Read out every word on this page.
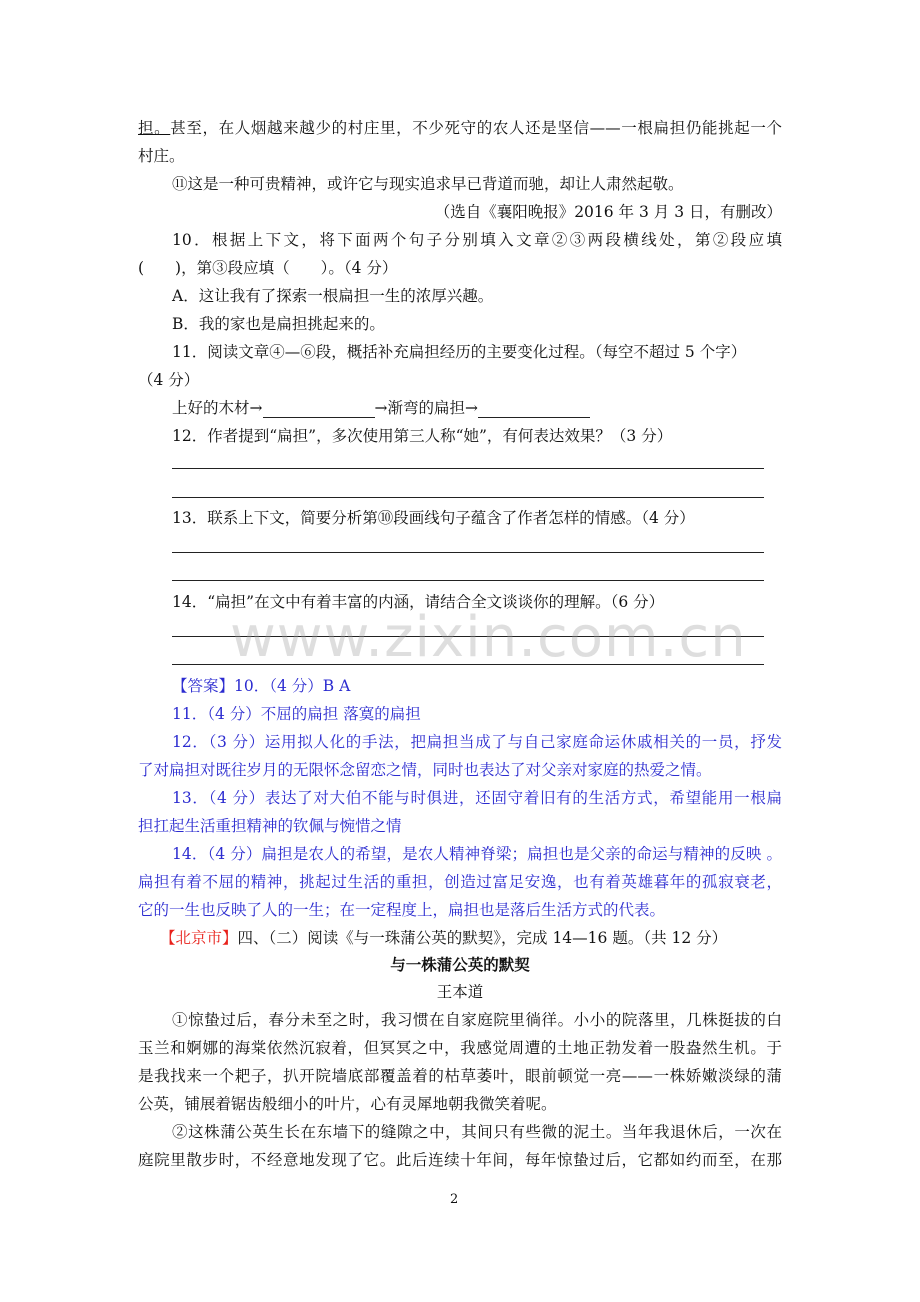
担。甚至，在人烟越来越少的村庄里，不少死守的农人还是坚信——一根扁担仍能挑起一个
村庄。
⑪这是一种可贵精神，或许它与现实追求早已背道而驰，却让人肃然起敬。
（选自《襄阳晚报》2016 年 3 月 3 日，有删改）
10．根据上下文，将下面两个句子分别填入文章②③两段横线处，第②段应填
(　　)，第③段应填（　　）。（4 分）
A．这让我有了探索一根扁担一生的浓厚兴趣。
B．我的家也是扁担挑起来的。
11．阅读文章④—⑥段，概括补充扁担经历的主要变化过程。（每空不超过 5 个字）
（4 分）
上好的木材→	→渐弯的扁担→
12．作者提到“扁担”，多次使用第三人称“她”，有何表达效果？（3 分）
13．联系上下文，简要分析第⑩段画线句子蕴含了作者怎样的情感。（4 分）
14．“扁担”在文中有着丰富的内涵，请结合全文谈谈你的理解。（6 分）
www.zixin.com.cn
【答案】10．（4 分）B A
11．（4 分）不屈的扁担 落寞的扁担
12．（3 分）运用拟人化的手法，把扁担当成了与自己家庭命运休戚相关的一员，抒发
了对扁担对既往岁月的无限怀念留恋之情，同时也表达了对父亲对家庭的热爱之情。
13．（4 分）表达了对大伯不能与时俱进，还固守着旧有的生活方式，希望能用一根扁
担扛起生活重担精神的钦佩与惋惜之情
14．（4 分）扁担是农人的希望，是农人精神脊梁；扁担也是父亲的命运与精神的反映 。
扁担有着不屈的精神，挑起过生活的重担，创造过富足安逸，也有着英雄暮年的孤寂衰老，
它的一生也反映了人的一生；在一定程度上，扁担也是落后生活方式的代表。
【北京市】四、（二）阅读《与一珠蒲公英的默契》，完成 14—16 题。（共 12 分）
与一株蒲公英的默契
王本道
①惊蛰过后，春分未至之时，我习惯在自家庭院里徜徉。小小的院落里，几株挺拔的白
玉兰和婀娜的海棠依然沉寂着，但冥冥之中，我感觉周遭的土地正勃发着一股盎然生机。于
是我找来一个耙子，扒开院墙底部覆盖着的枯草萎叶，眼前顿觉一亮——一株娇嫩淡绿的蒲
公英，铺展着锯齿般细小的叶片，心有灵犀地朝我微笑着呢。
②这株蒲公英生长在东墙下的缝隙之中，其间只有些微的泥土。当年我退休后，一次在
庭院里散步时，不经意地发现了它。此后连续十年间，每年惊蛰过后，它都如约而至，在那
2
